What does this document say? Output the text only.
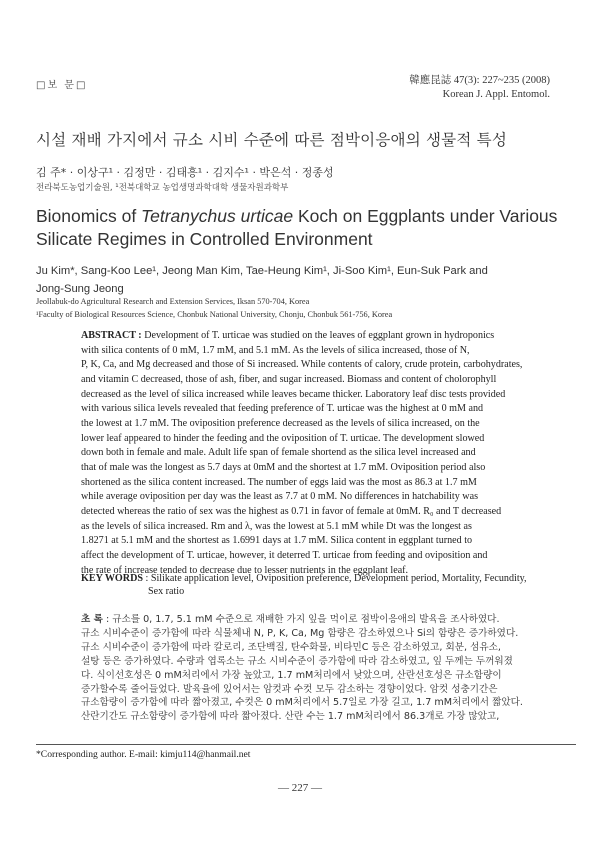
□보 문□	韓應昆誌 47(3): 227~235 (2008)
Korean J. Appl. Entomol.
시설 재배 가지에서 규소 시비 수준에 따른 점박이응애의 생물적 특성
김 주* · 이상구¹ · 김정만 · 김태흥¹ · 김지수¹ · 박은석 · 정종성
전라북도농업기술원, ¹전북대학교 농업생명과학대학 생물자원과학부
Bionomics of Tetranychus urticae Koch on Eggplants under Various
Silicate Regimes in Controlled Environment
Ju Kim*, Sang-Koo Lee¹, Jeong Man Kim, Tae-Heung Kim¹, Ji-Soo Kim¹, Eun-Suk Park and
Jong-Sung Jeong
Jeollabuk-do Agricultural Research and Extension Services, Iksan 570-704, Korea
¹Faculty of Biological Resources Science, Chonbuk National University, Chonju, Chonbuk 561-756, Korea
ABSTRACT : Development of T. urticae was studied on the leaves of eggplant grown in hydroponics
with silica contents of 0 mM, 1.7 mM, and 5.1 mM. As the levels of silica increased, those of N,
P, K, Ca, and Mg decreased and those of Si increased. While contents of calory, crude protein, carbohydrates,
and vitamin C decreased, those of ash, fiber, and sugar increased. Biomass and content of cholorophyll
decreased as the level of silica increased while leaves became thicker. Laboratory leaf disc tests provided
with various silica levels revealed that feeding preference of T. urticae was the highest at 0 mM and
the lowest at 1.7 mM. The oviposition preference decreased as the levels of silica increased, on the
lower leaf appeared to hinder the feeding and the oviposition of T. urticae. The development slowed
down both in female and male. Adult life span of female shortend as the silica level increased and
that of male was the longest as 5.7 days at 0mM and the shortest at 1.7 mM. Oviposition period also
shortened as the silica content increased. The number of eggs laid was the most as 86.3 at 1.7 mM
while average oviposition per day was the least as 7.7 at 0 mM. No differences in hatchability was
detected whereas the ratio of sex was the highest as 0.71 in favor of female at 0mM. R₀ and T decreased
as the levels of silica increased. Rm and λ, was the lowest at 5.1 mM while Dt was the longest as
1.8271 at 5.1 mM and the shortest as 1.6991 days at 1.7 mM. Silica content in eggplant turned to
affect the development of T. urticae, however, it deterred T. urticae from feeding and oviposition and
the rate of increase tended to decrease due to lesser nutrients in the eggplant leaf.
KEY WORDS : Silikate application level, Oviposition preference, Development period, Mortality, Fecundity,
Sex ratio
초 록 : 규소를 0, 1.7, 5.1 mM 수준으로 재배한 가지 잎을 먹이로 점박이응애의 발육을 조사하였다.
규소 시비수준이 증가함에 따라 식물체내 N, P, K, Ca, Mg 함량은 감소하였으나 Si의 함량은 증가하였다.
규소 시비수준이 증가함에 따라 칼로리, 조단백질, 탄수화물, 비타민C 등은 감소하였고, 회분, 섬유소,
설탕 등은 증가하였다. 수량과 엽록소는 규소 시비수준이 증가함에 따라 감소하였고, 잎 두께는 두꺼워졌
다. 식이선호성은 0 mM처리에서 가장 높았고, 1.7 mM처리에서 낮았으며, 산란선호성은 규소함량이
증가할수록 줄어들었다. 발육율에 있어서는 암컷과 수컷 모두 감소하는 경향이었다. 암컷 성충기간은
규소함량이 증가함에 따라 짧아졌고, 수컷은 0 mM처리에서 5.7일로 가장 길고, 1.7 mM처리에서 짧았다.
산란기간도 규소함량이 증가함에 따라 짧아졌다. 산란 수는 1.7 mM처리에서 86.3개로 가장 많았고,
*Corresponding author. E-mail: kimju114@hanmail.net
— 227 —
